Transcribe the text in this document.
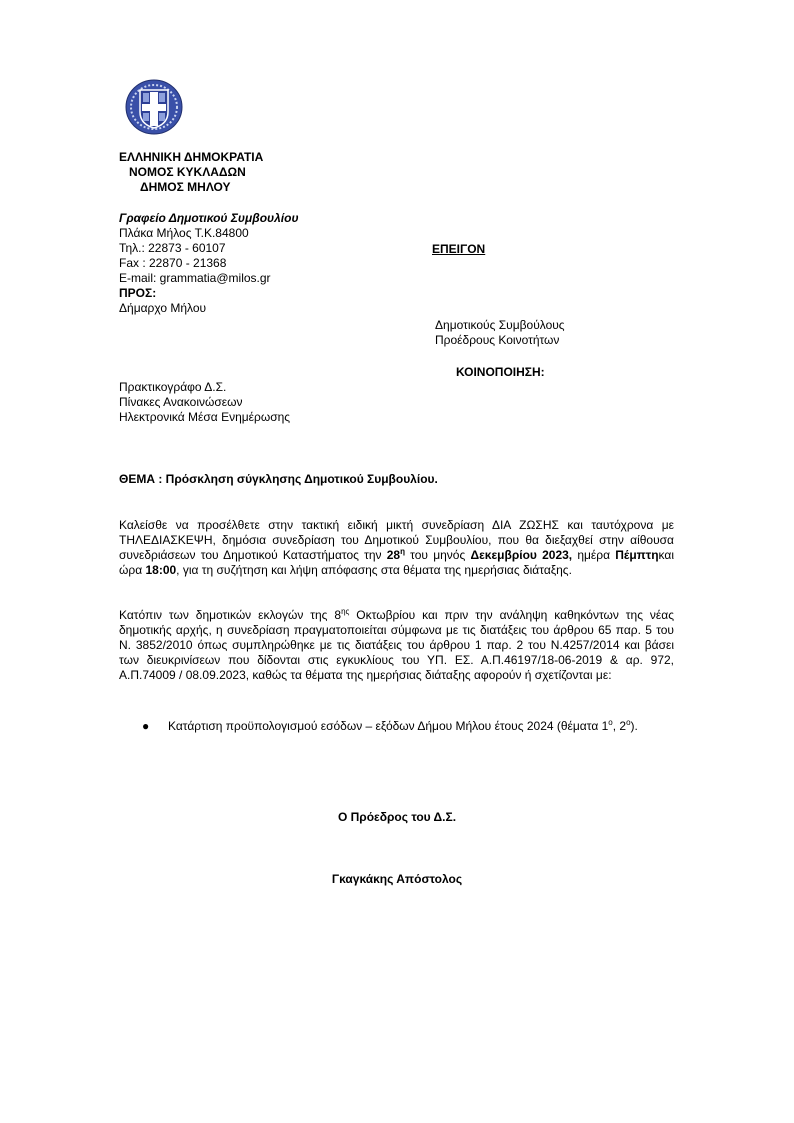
ΕΛΛΗΝΙΚΗ ΔΗΜΟΚΡΑΤΙΑ
ΝΟΜΟΣ ΚΥΚΛΑΔΩΝ
ΔΗΜΟΣ ΜΗΛΟΥ
Γραφείο Δημοτικού Συμβουλίου
Πλάκα Μήλος Τ.Κ.84800
Τηλ.: 22873 - 60107
Fax : 22870 - 21368
E-mail: grammatia@milos.gr
ΠΡΟΣ:
Δήμαρχο Μήλου
ΕΠΕΙΓΟΝ
Δημοτικούς Συμβούλους
Προέδρους Κοινοτήτων
ΚΟΙΝΟΠΟΙΗΣΗ:
Πρακτικογράφο Δ.Σ.
Πίνακες Ανακοινώσεων
Ηλεκτρονικά Μέσα Ενημέρωσης
ΘΕΜΑ : Πρόσκληση σύγκλησης Δημοτικού Συμβουλίου.
Καλείσθε να προσέλθετε στην τακτική ειδική μικτή συνεδρίαση ΔΙΑ ΖΩΣΗΣ και ταυτόχρονα με ΤΗΛΕΔΙΑΣΚΕΨΗ, δημόσια συνεδρίαση του Δημοτικού Συμβουλίου, που θα διεξαχθεί στην αίθουσα συνεδριάσεων του Δημοτικού Καταστήματος την $28^\eta$ του μηνός Δεκεμβρίου 2023, ημέρα Πέμπτηκαι ώρα 18:00, για τη συζήτηση και λήψη απόφασης στα θέματα της ημερήσιας διάταξης.
Κατόπιν των δημοτικών εκλογών της $8^{\eta\varsigma}$ Οκτωβρίου και πριν την ανάληψη καθηκόντων της νέας δημοτικής αρχής, η συνεδρίαση πραγματοποιείται σύμφωνα με τις διατάξεις του άρθρου 65 παρ. 5 του Ν. 3852/2010 όπως συμπληρώθηκε με τις διατάξεις του άρθρου 1 παρ. 2 του Ν.4257/2014 και βάσει των διευκρινίσεων που δίδονται στις εγκυκλίους του ΥΠ. ΕΣ. Α.Π.46197/18-06-2019 & αρ. 972, Α.Π.74009 / 08.09.2023, καθώς τα θέματα της ημερήσιας διάταξης αφορούν ή σχετίζονται με:
● Κατάρτιση προϋπολογισμού εσόδων – εξόδων Δήμου Μήλου έτους 2024 (θέματα $1^o$, $2^o$).
Ο Πρόεδρος του Δ.Σ.
Γκαγκάκης Απόστολος
